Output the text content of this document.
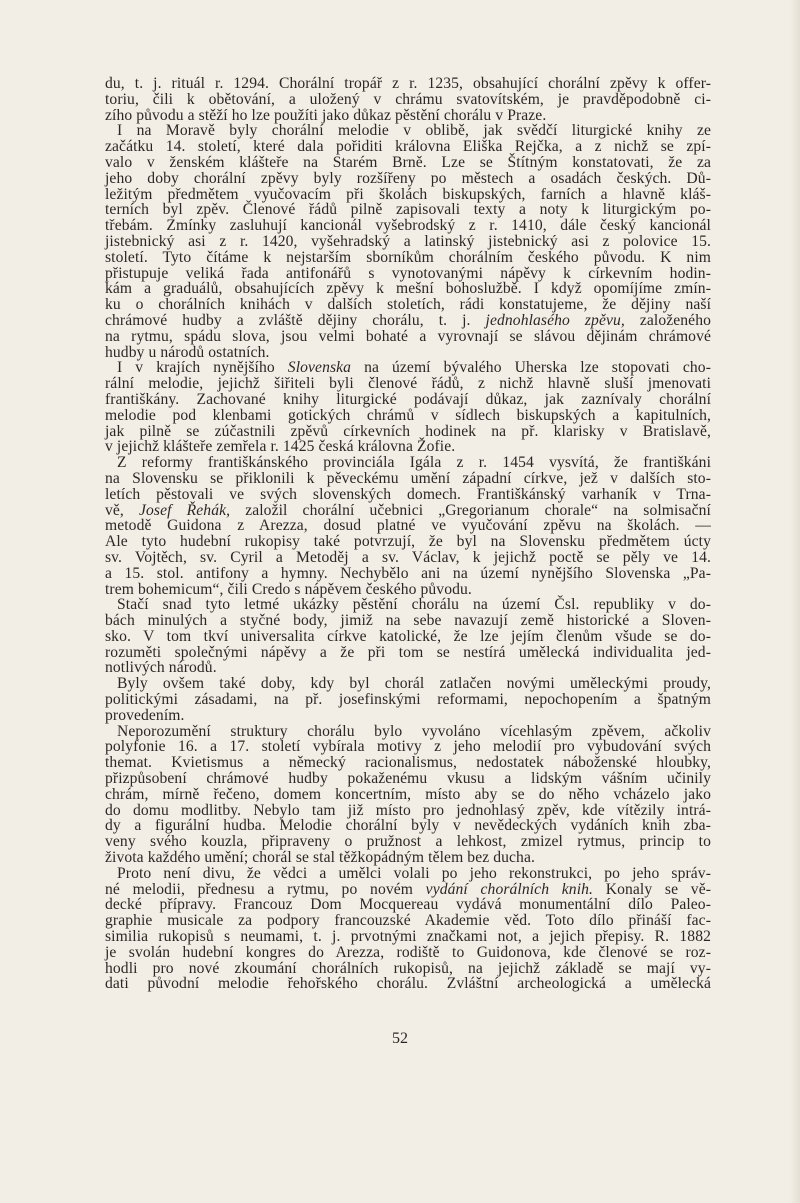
du, t. j. rituál r. 1294. Chorální tropář z r. 1235, obsahující chorální zpěvy k offer-
toriu, čili k obětování, a uložený v chrámu svatovítském, je pravděpodobně ci-
zího původu a stěží ho lze použíti jako důkaz pěstění chorálu v Praze.
I na Moravě byly chorální melodie v oblibě, jak svědčí liturgické knihy ze
začátku 14. století, které dala pořiditi královna Eliška Rejčka, a z nichž se zpí-
valo v ženském klášteře na Starém Brně. Lze se Štítným konstatovati, že za
jeho doby chorální zpěvy byly rozšířeny po městech a osadách českých. Dů-
ležitým předmětem vyučovacím při školách biskupských, farních a hlavně kláš-
terních byl zpěv. Členové řádů pilně zapisovali texty a noty k liturgickým po-
třebám. Zmínky zasluhují kancionál vyšebrodský z r. 1410, dále český kancionál
jistebnický asi z r. 1420, vyšehradský a latinský jistebnický asi z polovice 15.
století. Tyto čítáme k nejstarším sborníkům chorálním českého původu. K nim
přistupuje veliká řada antifonářů s vynotovanými nápěvy k církevním hodin-
kám a graduálů, obsahujících zpěvy k mešní bohoslužbě. I když opomíjíme zmín-
ku o chorálních knihách v dalších stoletích, rádi konstatujeme, že dějiny naší
chrámové hudby a zvláště dějiny chorálu, t. j. jednohlasého zpěvu, založeného
na rytmu, spádu slova, jsou velmi bohaté a vyrovnají se slávou dějinám chrámové
hudby u národů ostatních.
I v krajích nynějšího Slovenska na území bývalého Uherska lze stopovati cho-
rální melodie, jejichž šiřiteli byli členové řádů, z nichž hlavně sluší jmenovati
františkány. Zachované knihy liturgické podávají důkaz, jak zaznívaly chorální
melodie pod klenbami gotických chrámů v sídlech biskupských a kapitulních,
jak pilně se zúčastnili zpěvů církevních hodinek na př. klarisky v Bratislavě,
v jejichž klášteře zemřela r. 1425 česká královna Žofie.
Z reformy františkánského provinciála Igála z r. 1454 vysvítá, že františkáni
na Slovensku se přiklonili k pěveckému umění západní církve, jež v dalších sto-
letích pěstovali ve svých slovenských domech. Františkánský varhaník v Trna-
vě, Josef Řehák, založil chorální učebnici „Gregorianum chorale“ na solmisační
metodě Guidona z Arezza, dosud platné ve vyučování zpěvu na školách. —
Ale tyto hudební rukopisy také potvrzují, že byl na Slovensku předmětem úcty
sv. Vojtěch, sv. Cyril a Metoděj a sv. Václav, k jejichž poctě se pěly ve 14.
a 15. stol. antifony a hymny. Nechybělo ani na území nynějšího Slovenska „Pa-
trem bohemicum“, čili Credo s nápěvem českého původu.
Stačí snad tyto letmé ukázky pěstění chorálu na území Čsl. republiky v do-
bách minulých a styčné body, jimiž na sebe navazují země historické a Sloven-
sko. V tom tkví universalita církve katolické, že lze jejím členům všude se do-
rozuměti společnými nápěvy a že při tom se nestírá umělecká individualita jed-
notlivých národů.
Byly ovšem také doby, kdy byl chorál zatlačen novými uměleckými proudy,
politickými zásadami, na př. josefinskými reformami, nepochopením a špatným
provedením.
Neporozumění struktury chorálu bylo vyvoláno vícehlasým zpěvem, ačkoliv
polyfonie 16. a 17. století vybírala motivy z jeho melodií pro vybudování svých
themat. Kvietismus a německý racionalismus, nedostatek náboženské hloubky,
přizpůsobení chrámové hudby pokaženému vkusu a lidským vášním učinily
chrám, mírně řečeno, domem koncertním, místo aby se do něho vcházelo jako
do domu modlitby. Nebylo tam již místo pro jednohlasý zpěv, kde vítězily intrá-
dy a figurální hudba. Melodie chorální byly v nevědeckých vydáních knih zba-
veny svého kouzla, připraveny o pružnost a lehkost, zmizel rytmus, princip to
života každého umění; chorál se stal těžkopádným tělem bez ducha.
Proto není divu, že vědci a umělci volali po jeho rekonstrukci, po jeho správ-
né melodii, přednesu a rytmu, po novém vydání chorálních knih. Konaly se vě-
decké přípravy. Francouz Dom Mocquereau vydává monumentální dílo Paleo-
graphie musicale za podpory francouzské Akademie věd. Toto dílo přináší fac-
similia rukopisů s neumami, t. j. prvotnými značkami not, a jejich přepisy. R. 1882
je svolán hudební kongres do Arezza, rodiště to Guidonova, kde členové se roz-
hodli pro nové zkoumání chorálních rukopisů, na jejichž základě se mají vy-
dati původní melodie řehořského chorálu. Zvláštní archeologická a umělecká
52
